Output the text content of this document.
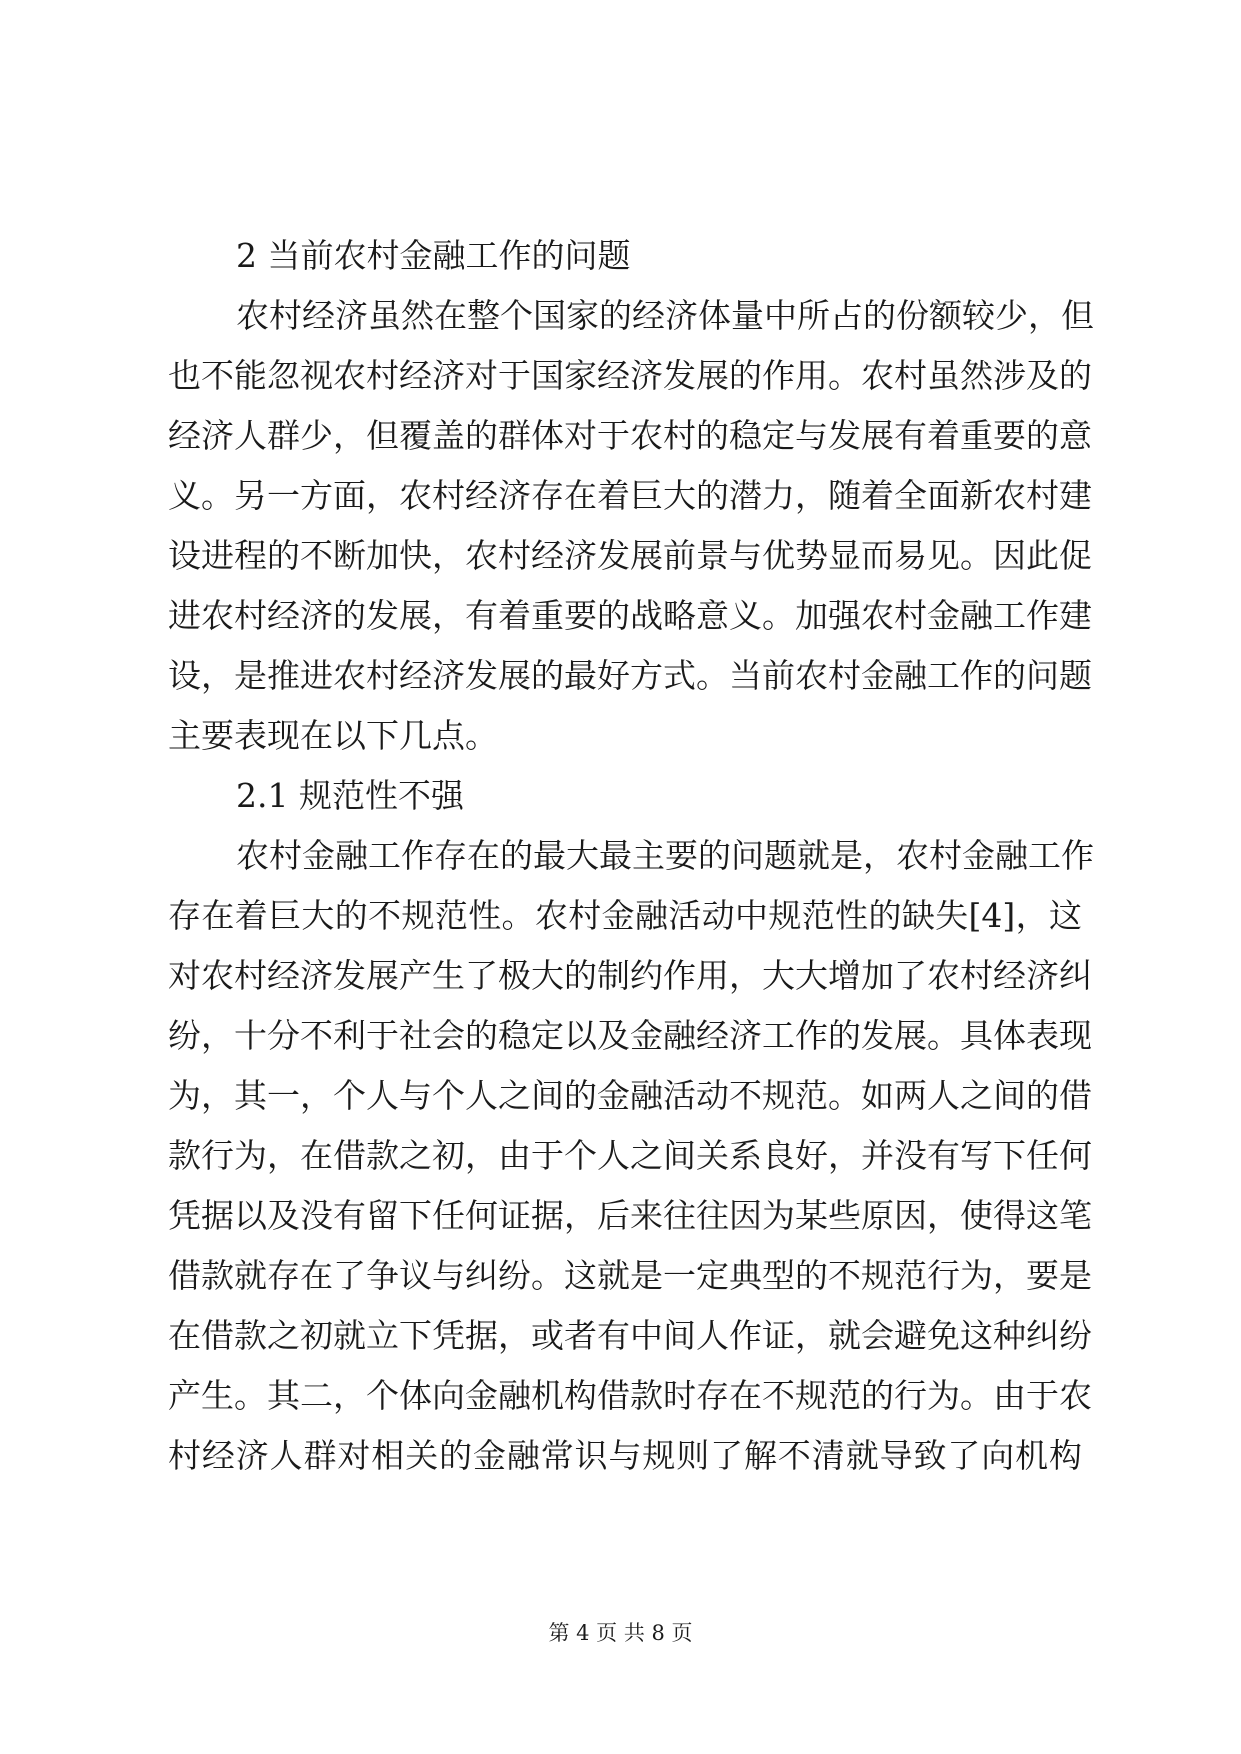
2 当前农村金融工作的问题
农村经济虽然在整个国家的经济体量中所占的份额较少，但
也不能忽视农村经济对于国家经济发展的作用。农村虽然涉及的
经济人群少，但覆盖的群体对于农村的稳定与发展有着重要的意
义。另一方面，农村经济存在着巨大的潜力，随着全面新农村建
设进程的不断加快，农村经济发展前景与优势显而易见。因此促
进农村经济的发展，有着重要的战略意义。加强农村金融工作建
设，是推进农村经济发展的最好方式。当前农村金融工作的问题
主要表现在以下几点。
2.1 规范性不强
农村金融工作存在的最大最主要的问题就是，农村金融工作
存在着巨大的不规范性。农村金融活动中规范性的缺失[4]，这
对农村经济发展产生了极大的制约作用，大大增加了农村经济纠
纷，十分不利于社会的稳定以及金融经济工作的发展。具体表现
为，其一，个人与个人之间的金融活动不规范。如两人之间的借
款行为，在借款之初，由于个人之间关系良好，并没有写下任何
凭据以及没有留下任何证据，后来往往因为某些原因，使得这笔
借款就存在了争议与纠纷。这就是一定典型的不规范行为，要是
在借款之初就立下凭据，或者有中间人作证，就会避免这种纠纷
产生。其二，个体向金融机构借款时存在不规范的行为。由于农
村经济人群对相关的金融常识与规则了解不清就导致了向机构
第 4 页 共 8 页
